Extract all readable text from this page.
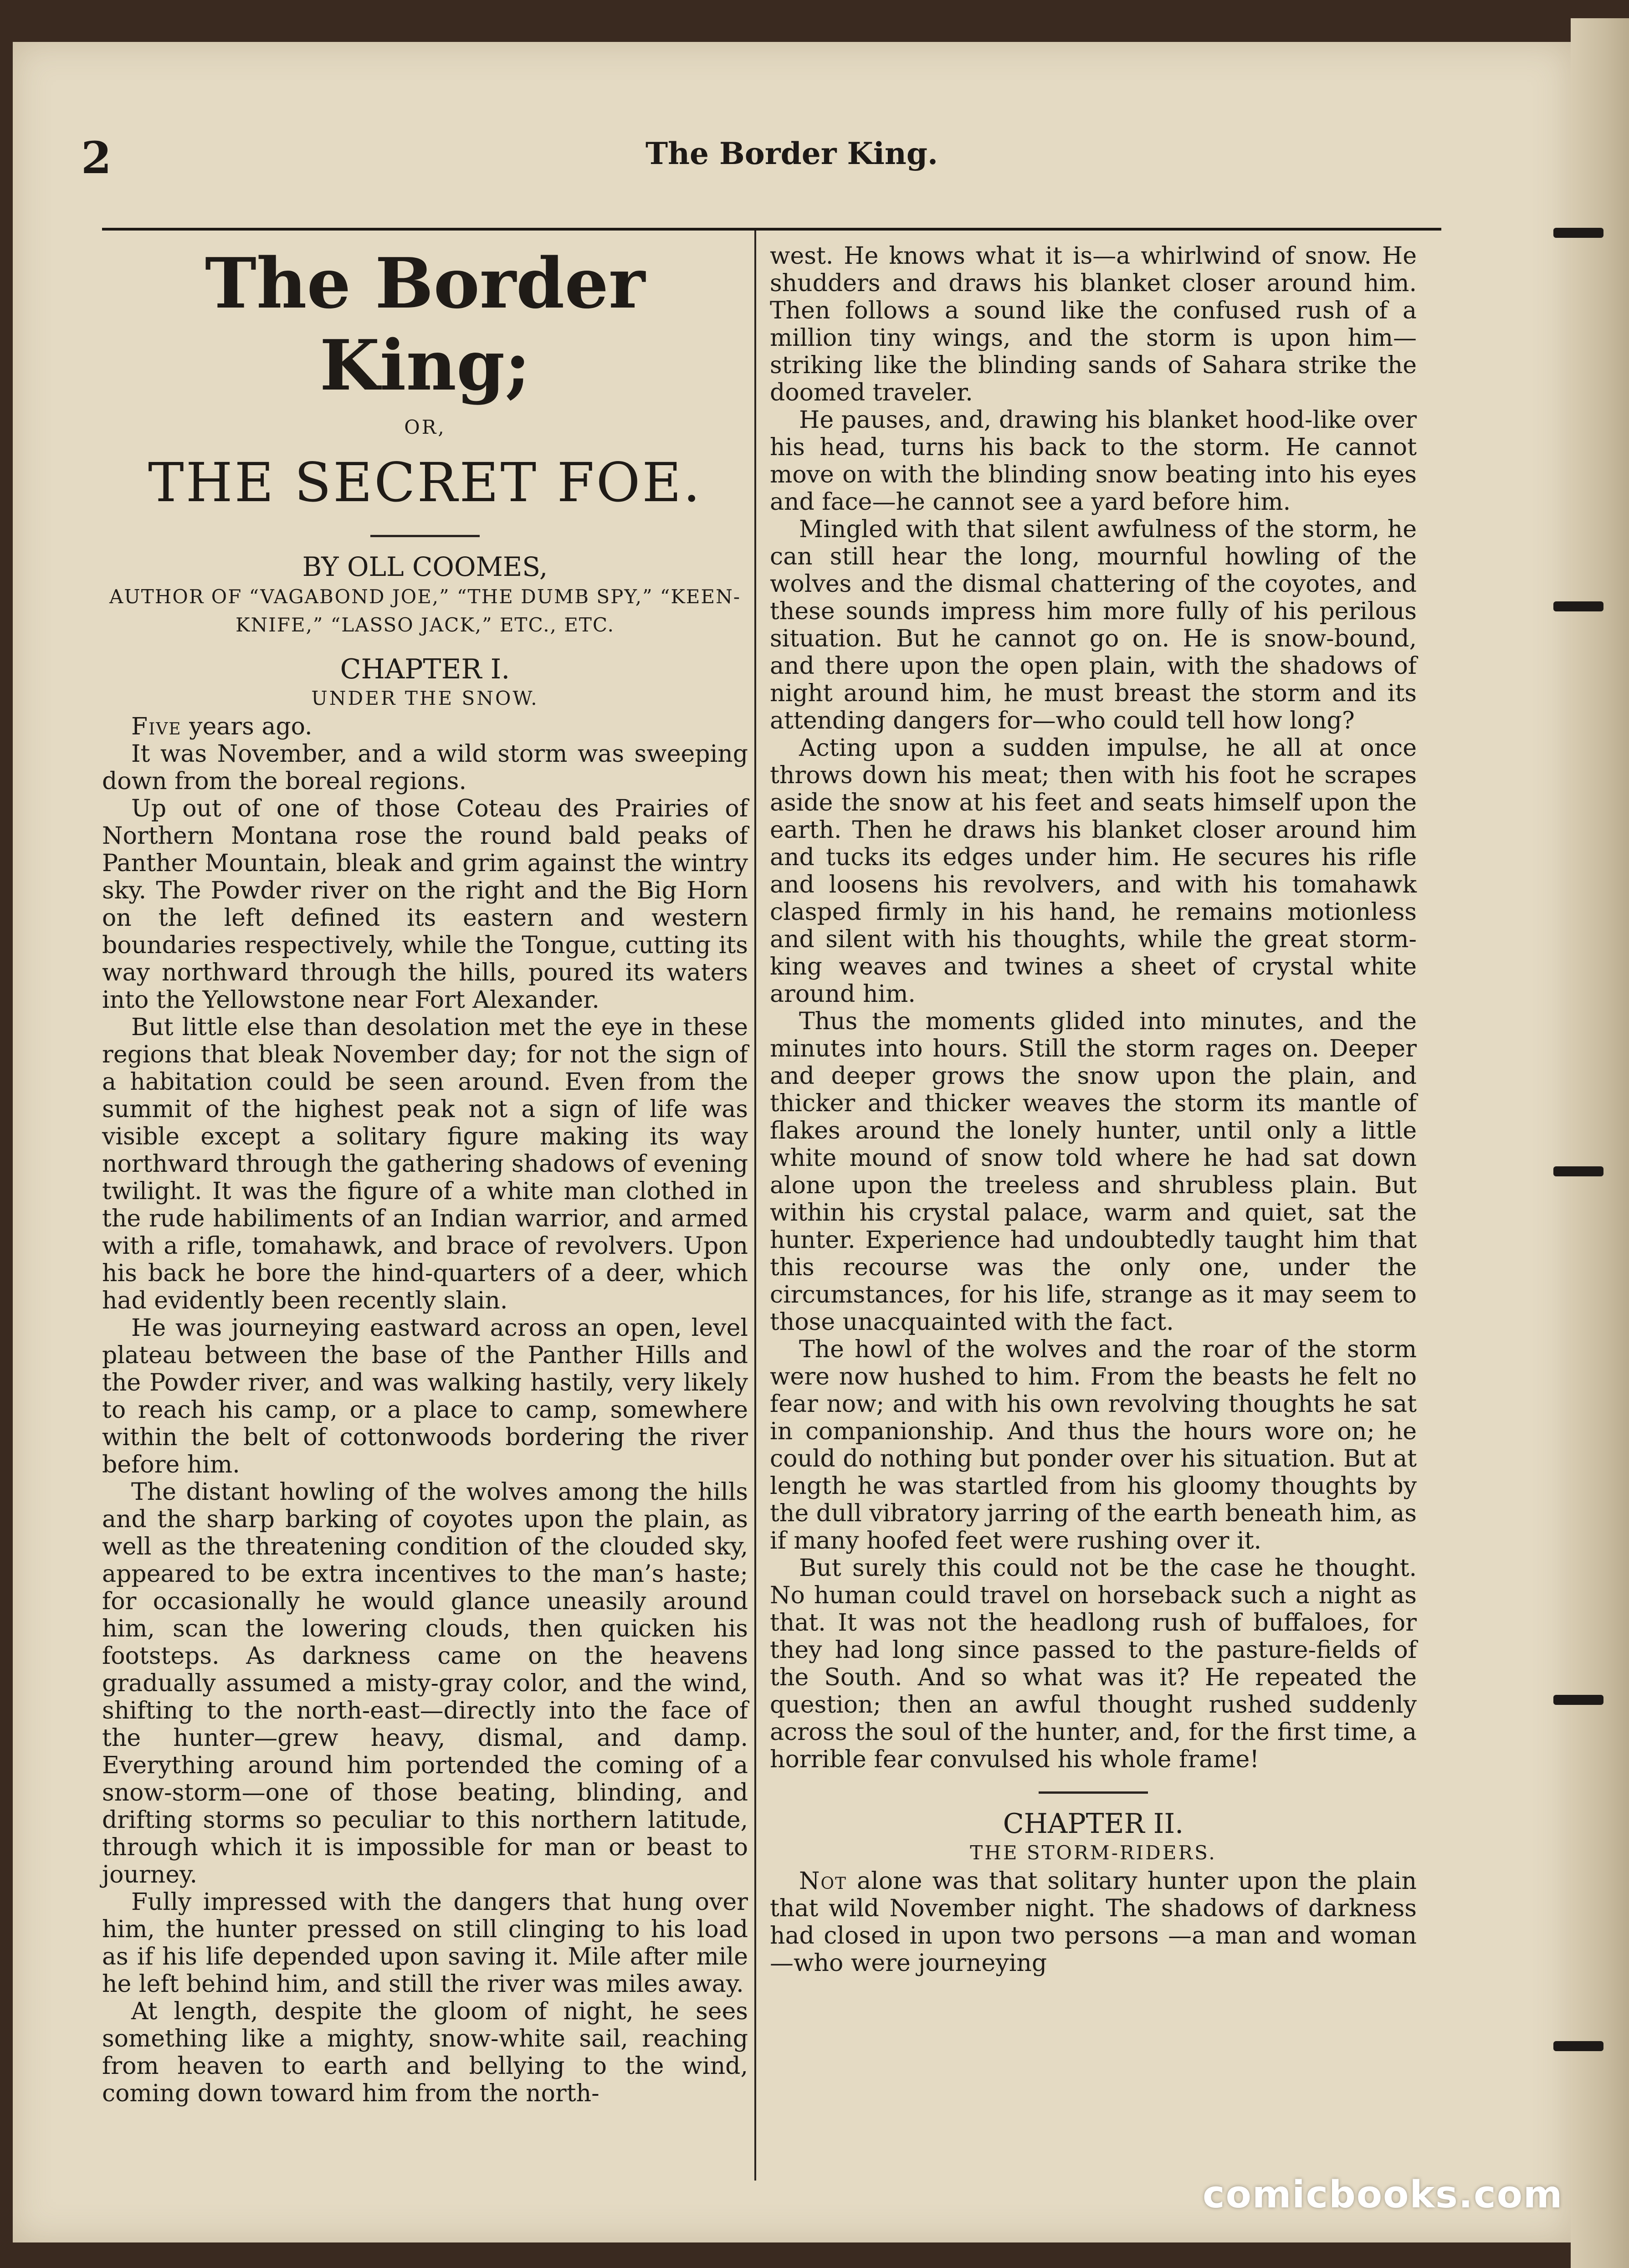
2	The Border King.
The Border King;
OR,
THE SECRET FOE.
BY OLL COOMES,
AUTHOR OF “VAGABOND JOE,” “THE DUMB SPY,” “KEEN-KNIFE,” “LASSO JACK,” ETC., ETC.
CHAPTER I.
UNDER THE SNOW.

Five years ago.

It was November, and a wild storm was sweeping down from the boreal regions.

Up out of one of those Coteau des Prairies of Northern Montana rose the round bald peaks of Panther Mountain, bleak and grim against the wintry sky. The Powder river on the right and the Big Horn on the left defined its eastern and western boundaries respectively, while the Tongue, cutting its way northward through the hills, poured its waters into the Yellowstone near Fort Alexander.

But little else than desolation met the eye in these regions that bleak November day; for not the sign of a habitation could be seen around. Even from the summit of the highest peak not a sign of life was visible except a solitary figure making its way northward through the gathering shadows of evening twilight. It was the figure of a white man clothed in the rude habiliments of an Indian warrior, and armed with a rifle, tomahawk, and brace of revolvers. Upon his back he bore the hind-quarters of a deer, which had evidently been recently slain.

He was journeying eastward across an open, level plateau between the base of the Panther Hills and the Powder river, and was walking hastily, very likely to reach his camp, or a place to camp, somewhere within the belt of cottonwoods bordering the river before him.

The distant howling of the wolves among the hills and the sharp barking of coyotes upon the plain, as well as the threatening condition of the clouded sky, appeared to be extra incentives to the man’s haste; for occasionally he would glance uneasily around him, scan the lowering clouds, then quicken his footsteps. As darkness came on the heavens gradually assumed a misty-gray color, and the wind, shifting to the north-east—directly into the face of the hunter—grew heavy, dismal, and damp. Everything around him portended the coming of a snow-storm—one of those beating, blinding, and drifting storms so peculiar to this northern latitude, through which it is impossible for man or beast to journey.

Fully impressed with the dangers that hung over him, the hunter pressed on still clinging to his load as if his life depended upon saving it. Mile after mile he left behind him, and still the river was miles away.

At length, despite the gloom of night, he sees something like a mighty, snow-white sail, reaching from heaven to earth and bellying to the wind, coming down toward him from the north-

west. He knows what it is—a whirlwind of snow. He shudders and draws his blanket closer around him. Then follows a sound like the confused rush of a million tiny wings, and the storm is upon him—striking like the blinding sands of Sahara strike the doomed traveler.

He pauses, and, drawing his blanket hood-like over his head, turns his back to the storm. He cannot move on with the blinding snow beating into his eyes and face—he cannot see a yard before him.

Mingled with that silent awfulness of the storm, he can still hear the long, mournful howling of the wolves and the dismal chattering of the coyotes, and these sounds impress him more fully of his perilous situation. But he cannot go on. He is snow-bound, and there upon the open plain, with the shadows of night around him, he must breast the storm and its attending dangers for—who could tell how long?

Acting upon a sudden impulse, he all at once throws down his meat; then with his foot he scrapes aside the snow at his feet and seats himself upon the earth. Then he draws his blanket closer around him and tucks its edges under him. He secures his rifle and loosens his revolvers, and with his tomahawk clasped firmly in his hand, he remains motionless and silent with his thoughts, while the great storm-king weaves and twines a sheet of crystal white around him.

Thus the moments glided into minutes, and the minutes into hours. Still the storm rages on. Deeper and deeper grows the snow upon the plain, and thicker and thicker weaves the storm its mantle of flakes around the lonely hunter, until only a little white mound of snow told where he had sat down alone upon the treeless and shrubless plain. But within his crystal palace, warm and quiet, sat the hunter. Experience had undoubtedly taught him that this recourse was the only one, under the circumstances, for his life, strange as it may seem to those unacquainted with the fact.

The howl of the wolves and the roar of the storm were now hushed to him. From the beasts he felt no fear now; and with his own revolving thoughts he sat in companionship. And thus the hours wore on; he could do nothing but ponder over his situation. But at length he was startled from his gloomy thoughts by the dull vibratory jarring of the earth beneath him, as if many hoofed feet were rushing over it.

But surely this could not be the case he thought. No human could travel on horseback such a night as that. It was not the headlong rush of buffaloes, for they had long since passed to the pasture-fields of the South. And so what was it? He repeated the question; then an awful thought rushed suddenly across the soul of the hunter, and, for the first time, a horrible fear convulsed his whole frame!

CHAPTER II.
THE STORM-RIDERS.

Not alone was that solitary hunter upon the plain that wild November night. The shadows of darkness had closed in upon two persons —a man and woman—who were journeying

comicbooks.com
